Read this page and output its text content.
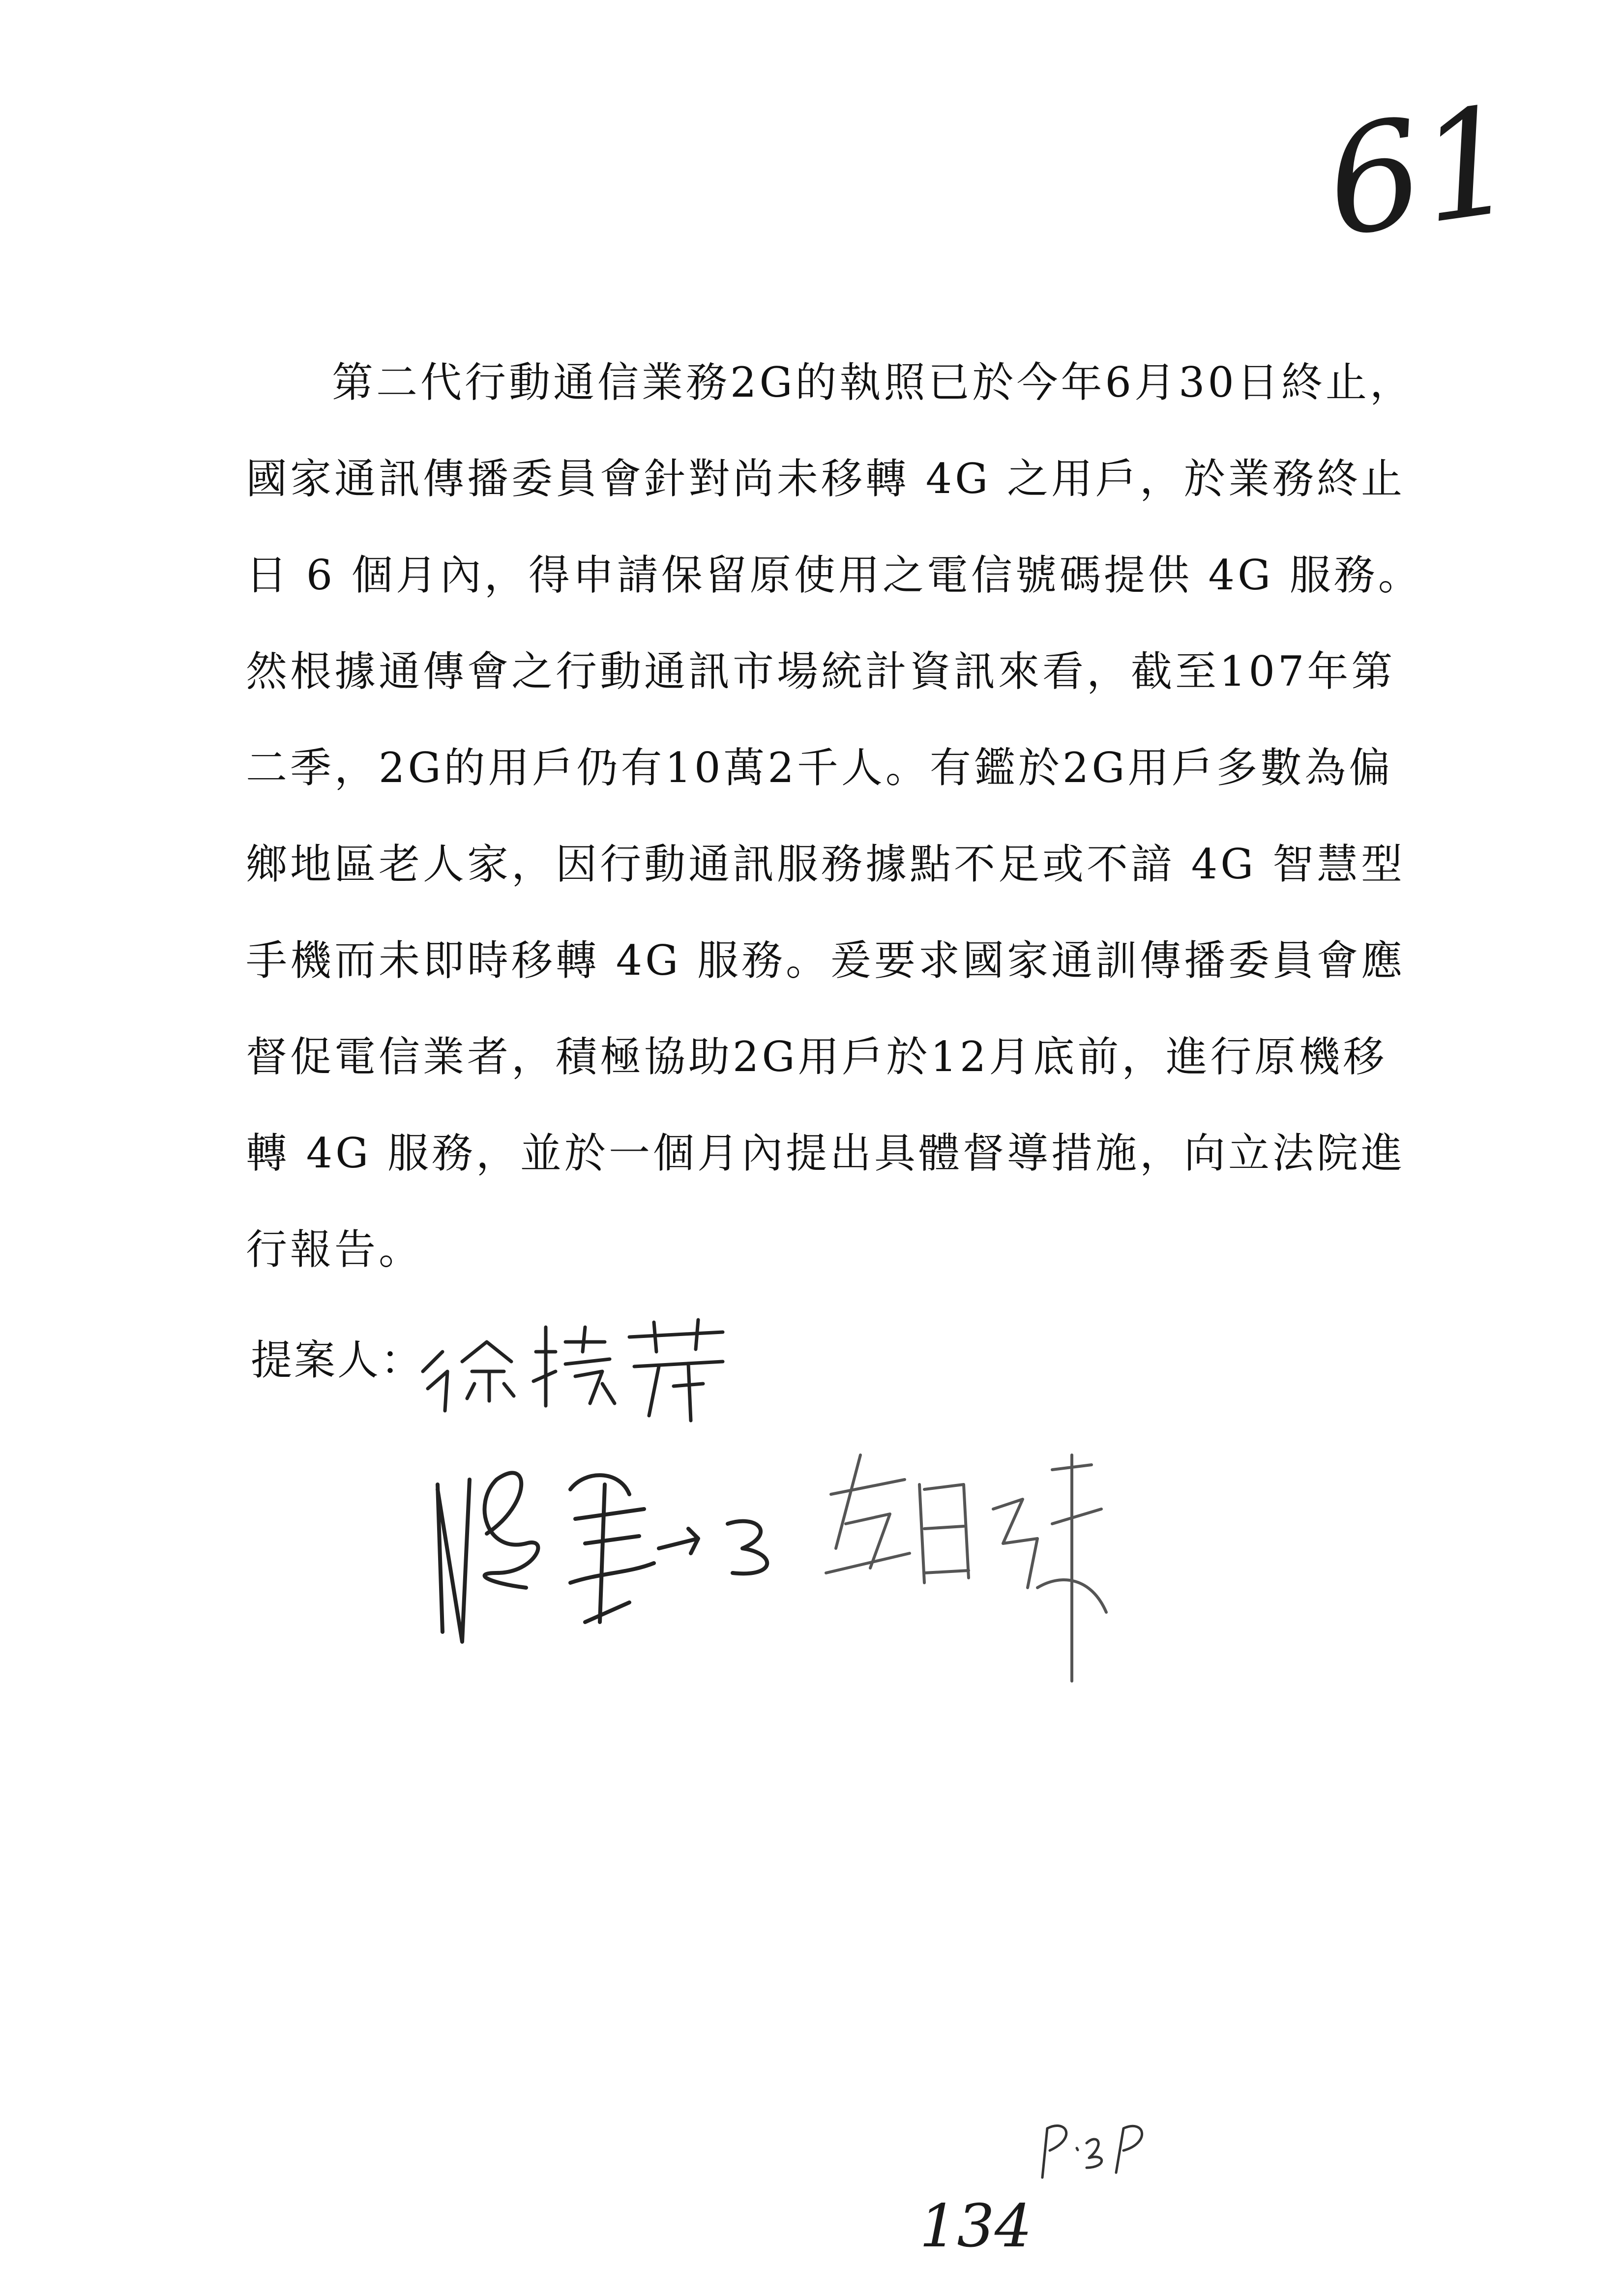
61
第二代行動通信業務2G的執照已於今年6月30日終止，
國家通訊傳播委員會針對尚未移轉 4G 之用戶，於業務終止
日 6 個月內，得申請保留原使用之電信號碼提供 4G 服務。
然根據通傳會之行動通訊市場統計資訊來看，截至107年第
二季，2G的用戶仍有10萬2千人。有鑑於2G用戶多數為偏
鄉地區老人家，因行動通訊服務據點不足或不諳 4G 智慧型
手機而未即時移轉 4G 服務。爰要求國家通訓傳播委員會應
督促電信業者，積極協助2G用戶於12月底前，進行原機移
轉 4G 服務，並於一個月內提出具體督導措施，向立法院進
行報告。
提案人：
134
